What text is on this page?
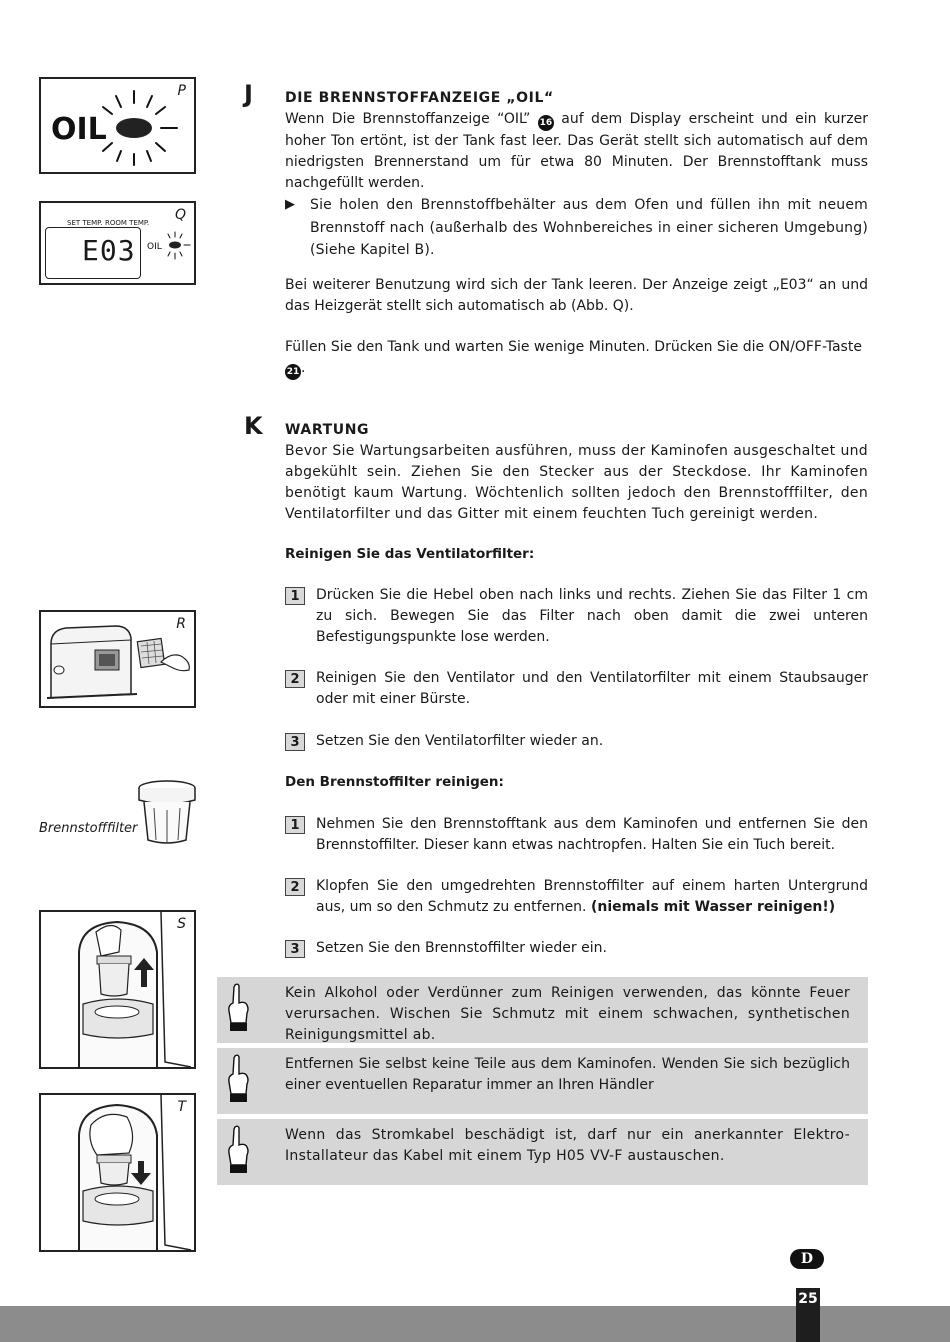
P
OIL
Q
SET TEMP. ROOM TEMP.
E03 OIL
R
Brennstofffilter
S
T
J DIE BRENNSTOFFANZEIGE „OIL“
Wenn Die Brennstoffanzeige “OIL” 16 auf dem Display erscheint und ein kurzer hoher Ton ertönt, ist der Tank fast leer. Das Gerät stellt sich automatisch auf dem niedrigsten Brennerstand um für etwa 80 Minuten. Der Brennstofftank muss nachgefüllt werden.
▶ Sie holen den Brennstoffbehälter aus dem Ofen und füllen ihn mit neuem Brennstoff nach (außerhalb des Wohnbereiches in einer sicheren Umgebung) (Siehe Kapitel B).
Bei weiterer Benutzung wird sich der Tank leeren. Der Anzeige zeigt „E03“ an und das Heizgerät stellt sich automatisch ab (Abb. Q).
Füllen Sie den Tank und warten Sie wenige Minuten. Drücken Sie die ON/OFF-Taste
21 .
K WARTUNG
Bevor Sie Wartungsarbeiten ausführen, muss der Kaminofen ausgeschaltet und abgekühlt sein. Ziehen Sie den Stecker aus der Steckdose. Ihr Kaminofen benötigt kaum Wartung. Wöchtenlich sollten jedoch den Brennstofffilter, den Ventilatorfilter und das Gitter mit einem feuchten Tuch gereinigt werden.
Reinigen Sie das Ventilatorfilter:
1	Drücken Sie die Hebel oben nach links und rechts. Ziehen Sie das Filter 1 cm zu sich. Bewegen Sie das Filter nach oben damit die zwei unteren Befestigungspunkte lose werden.
2	Reinigen Sie den Ventilator und den Ventilatorfilter mit einem Staubsauger oder mit einer Bürste.
3	Setzen Sie den Ventilatorfilter wieder an.
Den Brennstoffilter reinigen:
1	Nehmen Sie den Brennstofftank aus dem Kaminofen und entfernen Sie den Brennstoffilter. Dieser kann etwas nachtropfen. Halten Sie ein Tuch bereit.
2	Klopfen Sie den umgedrehten Brennstoffilter auf einem harten Untergrund aus, um so den Schmutz zu entfernen. (niemals mit Wasser reinigen!)
3	Setzen Sie den Brennstoffilter wieder ein.
Kein Alkohol oder Verdünner zum Reinigen verwenden, das könnte Feuer verursachen. Wischen Sie Schmutz mit einem schwachen, synthetischen Reinigungsmittel ab.
Entfernen Sie selbst keine Teile aus dem Kaminofen. Wenden Sie sich bezüglich einer eventuellen Reparatur immer an Ihren Händler
Wenn das Stromkabel beschädigt ist, darf nur ein anerkannter Elektro-Installateur das Kabel mit einem Typ H05 VV-F austauschen.
D
25
